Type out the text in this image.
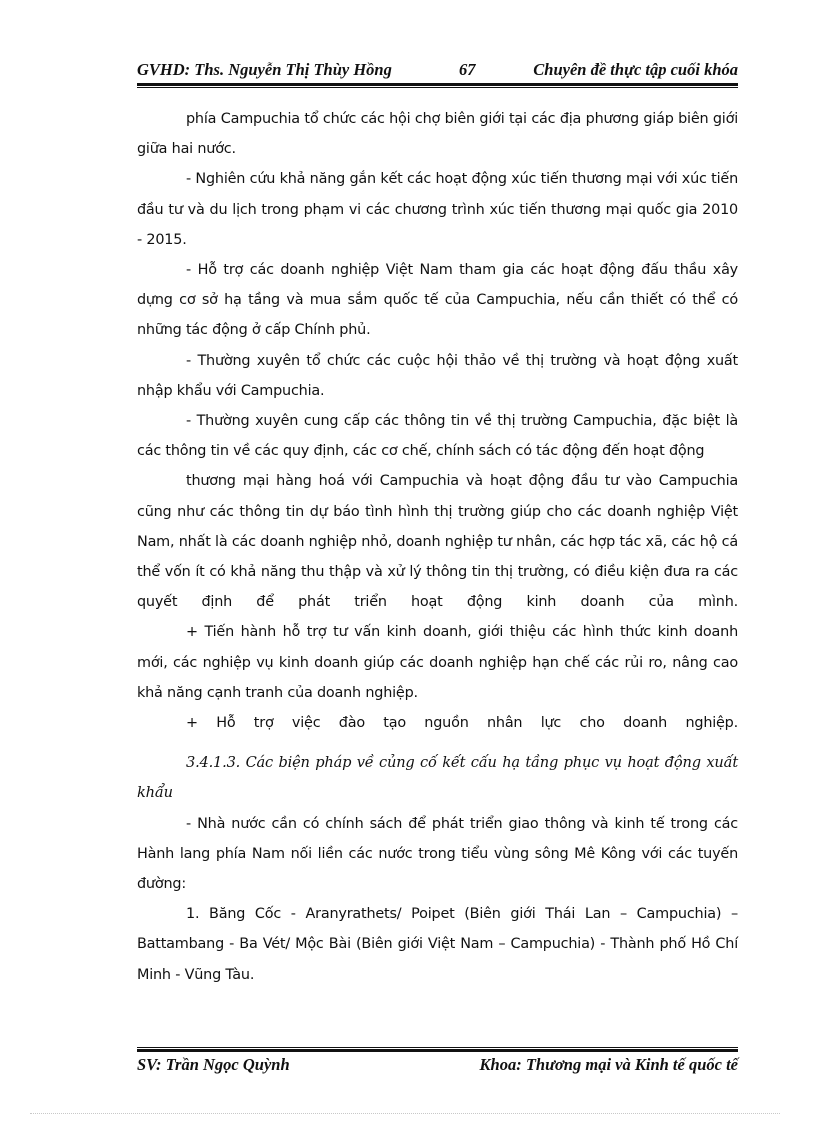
GVHD: Ths. Nguyễn Thị Thùy Hồng	67	Chuyên đề thực tập cuối khóa

phía Campuchia tổ chức các hội chợ biên giới tại các địa phương giáp biên giới giữa hai nước.

- Nghiên cứu khả năng gắn kết các hoạt động xúc tiến thương mại với xúc tiến đầu tư và du lịch trong phạm vi các chương trình xúc tiến thương mại quốc gia 2010 - 2015.

- Hỗ trợ các doanh nghiệp Việt Nam tham gia các hoạt động đấu thầu xây dựng cơ sở hạ tầng và mua sắm quốc tế của Campuchia, nếu cần thiết có thể có những tác động ở cấp Chính phủ.

- Thường xuyên tổ chức các cuộc hội thảo về thị trường và hoạt động xuất nhập khẩu với Campuchia.

- Thường xuyên cung cấp các thông tin về thị trường Campuchia, đặc biệt là các thông tin về các quy định, các cơ chế, chính sách có tác động đến hoạt động

thương mại hàng hoá với Campuchia và hoạt động đầu tư vào Campuchia cũng như các thông tin dự báo tình hình thị trường giúp cho các doanh nghiệp Việt Nam, nhất là các doanh nghiệp nhỏ, doanh nghiệp tư nhân, các hợp tác xã, các hộ cá thể vốn ít có khả năng thu thập và xử lý thông tin thị trường, có điều kiện đưa ra các quyết định để phát triển hoạt động kinh doanh của mình.

+ Tiến hành hỗ trợ tư vấn kinh doanh, giới thiệu các hình thức kinh doanh mới, các nghiệp vụ kinh doanh giúp các doanh nghiệp hạn chế các rủi ro, nâng cao khả năng cạnh tranh của doanh nghiệp.

+ Hỗ trợ việc đào tạo nguồn nhân lực cho doanh nghiệp.

3.4.1.3. Các biện pháp về củng cố kết cấu hạ tầng phục vụ hoạt động xuất khẩu

- Nhà nước cần có chính sách để phát triển giao thông và kinh tế trong các Hành lang phía Nam nối liền các nước trong tiểu vùng sông Mê Kông với các tuyến đường:

1. Băng Cốc - Aranyrathets/ Poipet (Biên giới Thái Lan – Campuchia) – Battambang - Ba Vét/ Mộc Bài (Biên giới Việt Nam – Campuchia) - Thành phố Hồ Chí Minh - Vũng Tàu.

SV: Trần Ngọc Quỳnh	Khoa: Thương mại và Kinh tế quốc tế
